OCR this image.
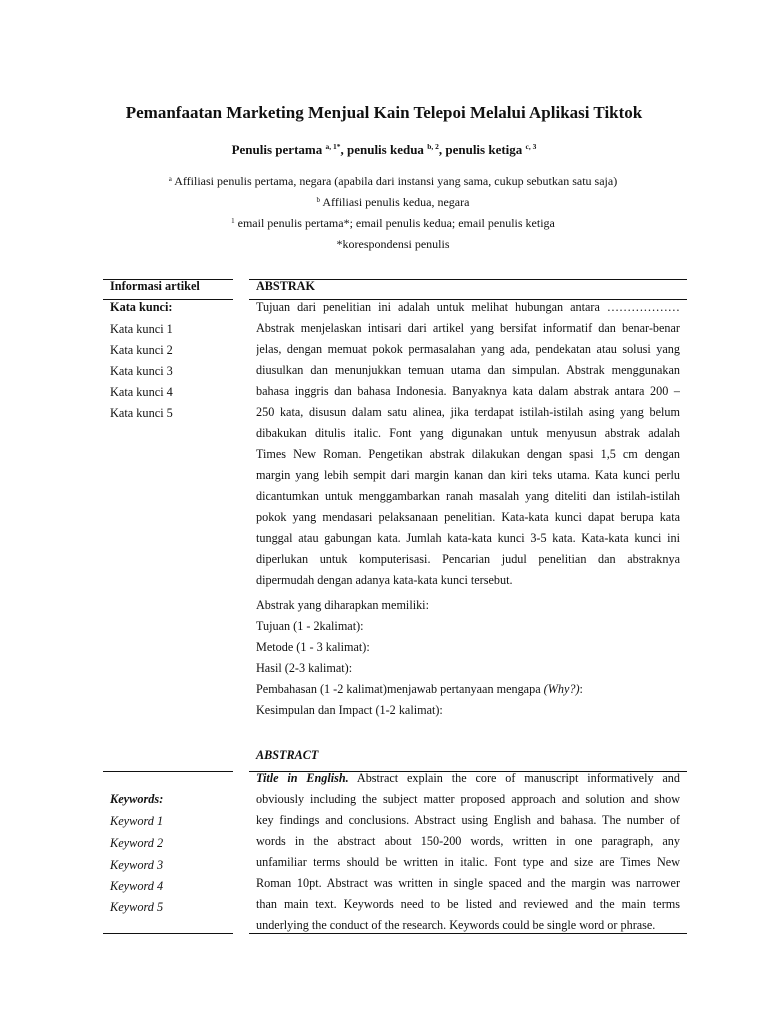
Pemanfaatan Marketing Menjual Kain Telepoi Melalui Aplikasi Tiktok
Penulis pertama $^{a, 1*}$, penulis kedua $^{b, 2}$, penulis ketiga $^{c, 3}$
$^a$ Affiliasi penulis pertama, negara (apabila dari instansi yang sama, cukup sebutkan satu saja)
$^b$ Affiliasi penulis kedua, negara
$^1$ email penulis pertama*; email penulis kedua; email penulis ketiga
*korespondensi penulis
Informasi artikel
Kata kunci:
Kata kunci 1
Kata kunci 2
Kata kunci 3
Kata kunci 4
Kata kunci 5
Keywords:
Keyword 1
Keyword 2
Keyword 3
Keyword 4
Keyword 5
ABSTRAK
Tujuan dari penelitian ini adalah untuk melihat hubungan antara ………………
Abstrak menjelaskan intisari dari artikel yang bersifat informatif dan benar-benar
jelas, dengan memuat pokok permasalahan yang ada, pendekatan atau solusi yang
diusulkan dan menunjukkan temuan utama dan simpulan. Abstrak menggunakan
bahasa inggris dan bahasa Indonesia. Banyaknya kata dalam abstrak antara 200 –
250 kata, disusun dalam satu alinea, jika terdapat istilah-istilah asing yang belum
dibakukan ditulis italic. Font yang digunakan untuk menyusun abstrak adalah
Times New Roman. Pengetikan abstrak dilakukan dengan spasi 1,5 cm dengan
margin yang lebih sempit dari margin kanan dan kiri teks utama. Kata kunci perlu
dicantumkan untuk menggambarkan ranah masalah yang diteliti dan istilah-istilah
pokok yang mendasari pelaksanaan penelitian. Kata-kata kunci dapat berupa kata
tunggal atau gabungan kata. Jumlah kata-kata kunci 3-5 kata. Kata-kata kunci ini
diperlukan untuk komputerisasi. Pencarian judul penelitian dan abstraknya
dipermudah dengan adanya kata-kata kunci tersebut.
Abstrak yang diharapkan memiliki:
Tujuan (1 - 2kalimat):
Metode (1 - 3 kalimat):
Hasil (2-3 kalimat):
Pembahasan (1 -2 kalimat)menjawab pertanyaan mengapa (Why?):
Kesimpulan dan Impact (1-2 kalimat):
ABSTRACT
Title in English. Abstract explain the core of manuscript informatively and
obviously including the subject matter proposed approach and solution and show
key findings and conclusions. Abstract using English and bahasa. The number of
words in the abstract about 150-200 words, written in one paragraph, any
unfamiliar terms should be written in italic. Font type and size are Times New
Roman 10pt. Abstract was written in single spaced and the margin was narrower
than main text. Keywords need to be listed and reviewed and the main terms
underlying the conduct of the research. Keywords could be single word or phrase.
